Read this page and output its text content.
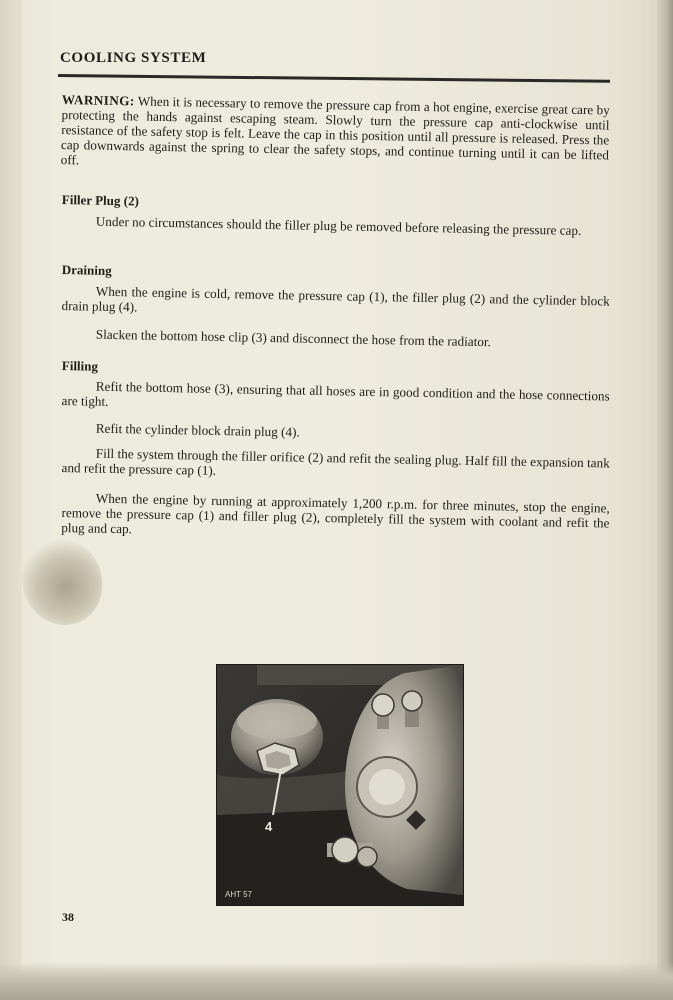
COOLING SYSTEM
WARNING: When it is necessary to remove the pressure cap from a hot engine, exercise great care by protecting the hands against escaping steam. Slowly turn the pressure cap anti-clockwise until resistance of the safety stop is felt. Leave the cap in this position until all pressure is released. Press the cap downwards against the spring to clear the safety stops, and continue turning until it can be lifted off.
Filler Plug (2)
Under no circumstances should the filler plug be removed before releasing the pressure cap.
Draining
When the engine is cold, remove the pressure cap (1), the filler plug (2) and the cylinder block drain plug (4).
Slacken the bottom hose clip (3) and disconnect the hose from the radiator.
Filling
Refit the bottom hose (3), ensuring that all hoses are in good condition and the hose connections are tight.
Refit the cylinder block drain plug (4).
Fill the system through the filler orifice (2) and refit the sealing plug. Half fill the expansion tank and refit the pressure cap (1).
When the engine by running at approximately 1,200 r.p.m. for three minutes, stop the engine, remove the pressure cap (1) and filler plug (2), completely fill the system with coolant and refit the plug and cap.
4
AHT 57
38
